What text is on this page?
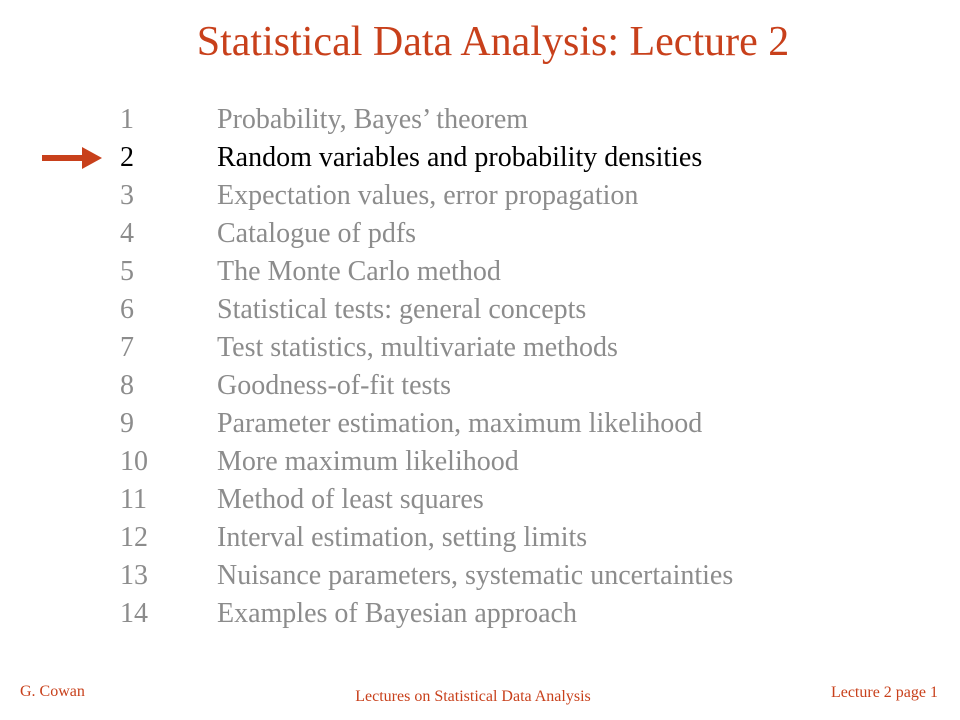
Statistical Data Analysis: Lecture 2
1	Probability, Bayes’ theorem
2	Random variables and probability densities
3	Expectation values, error propagation
4	Catalogue of pdfs
5	The Monte Carlo method
6	Statistical tests: general concepts
7	Test statistics, multivariate methods
8	Goodness-of-fit tests
9	Parameter estimation, maximum likelihood
10 More maximum likelihood
11	Method of least squares
12 Interval estimation, setting limits
13 Nuisance parameters, systematic uncertainties
14 Examples of Bayesian approach
G. Cowan	Lectures on Statistical Data Analysis	Lecture 2 page 1
